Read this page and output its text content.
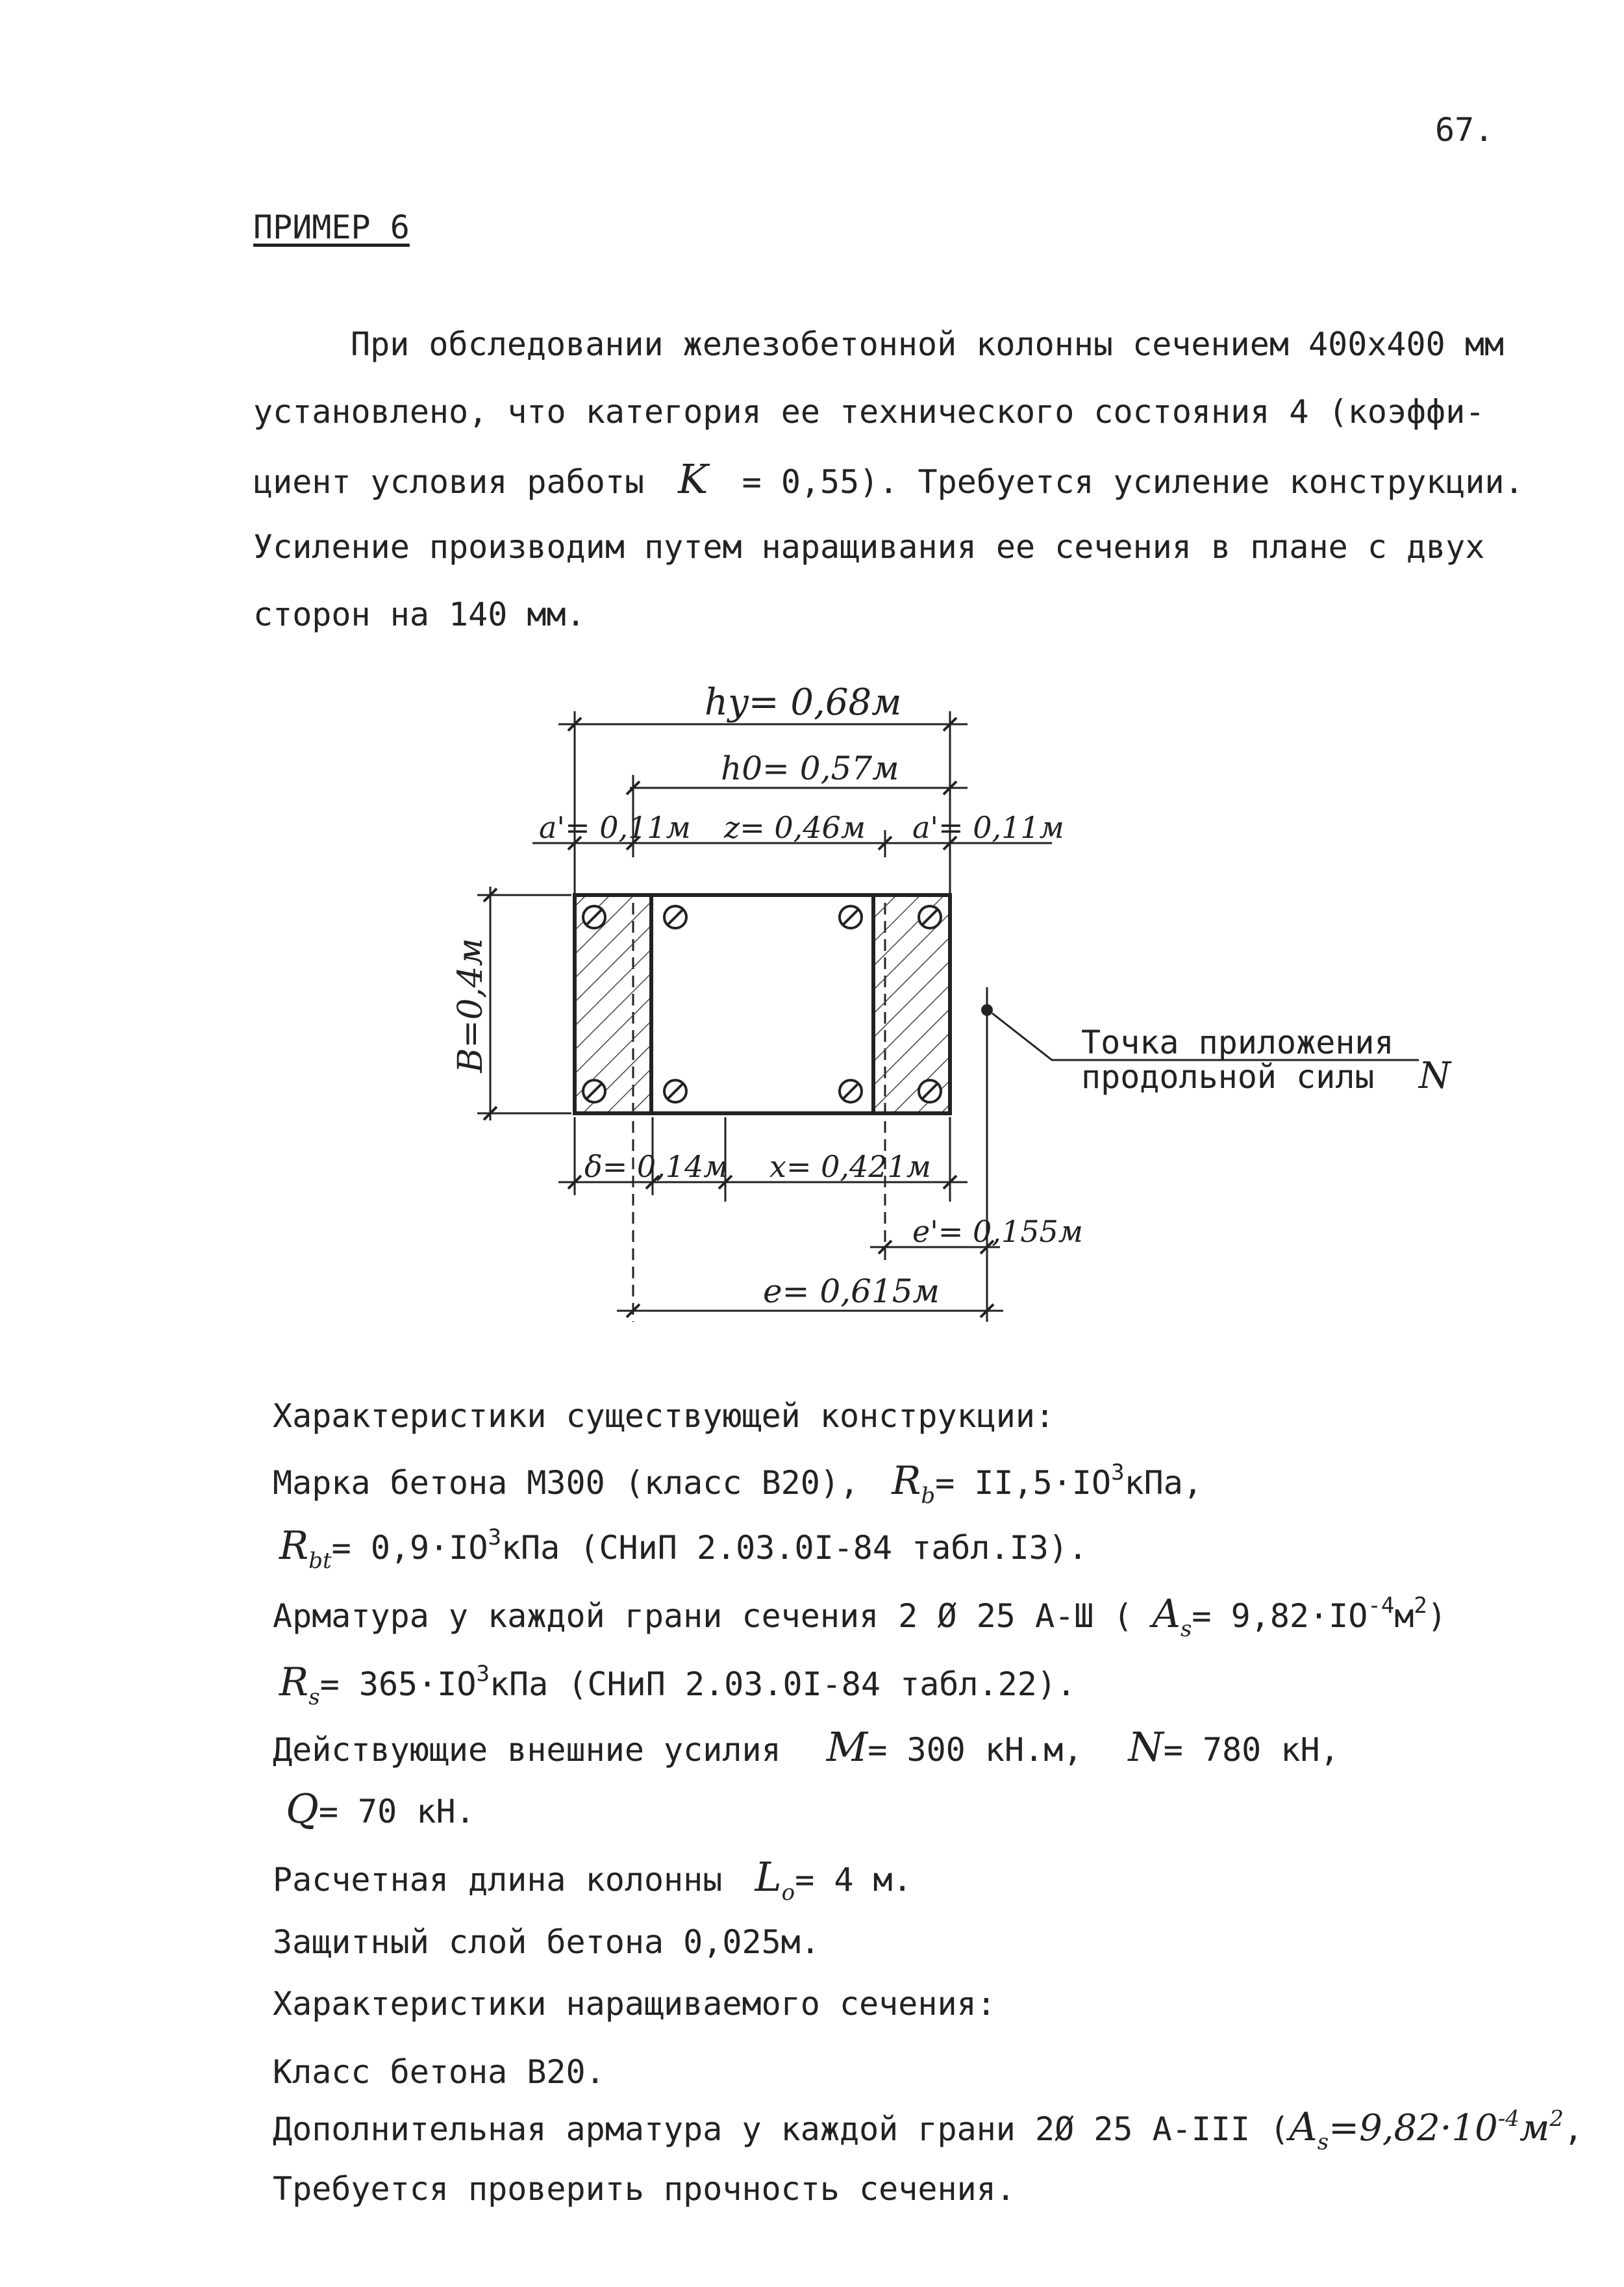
67.
ПРИМЕР 6
При обследовании железобетонной колонны сечением 400х400 мм
установлено, что категория ее технического состояния 4 (коэффи-
циент условия работы K = 0,55). Требуется усиление конструкции.
Усиление производим путем наращивания ее сечения в плане с двух
сторон на 140 мм.
hy= 0,68м
h0= 0,57м
a'= 0,11м z= 0,46м a'= 0,11м
B=0,4м
δ= 0,14м x= 0,421м
e'= 0,155м
e= 0,615м
Точка приложения
продольной силы N
Характеристики существующей конструкции:
Марка бетона М300 (класс В20), $R_b= II,5\cdot IO^3кПа$,
$R_{bt}= 0,9\cdot IO^3кПа$ (СНиП 2.03.0I-84 табл.I3).
Арматура у каждой грани сечения 2 Ø 25 А-Ш ( $A_s= 9,82\cdot IO^{-4}м^2$)
$R_s= 365\cdot IO^3кПа$ (СНиП 2.03.0I-84 табл.22).
Действующие внешние усилия M= 300 кН.м, N= 780 кН,
Q= 70 кН.
Расчетная длина колонны $L_o= 4$ м.
Защитный слой бетона 0,025м.
Характеристики наращиваемого сечения:
Класс бетона В20.
Дополнительная арматура у каждой грани 2Ø 25 А-III ($A_s=9,82\cdot 10^{-4}м^2$,
Требуется проверить прочность сечения.
